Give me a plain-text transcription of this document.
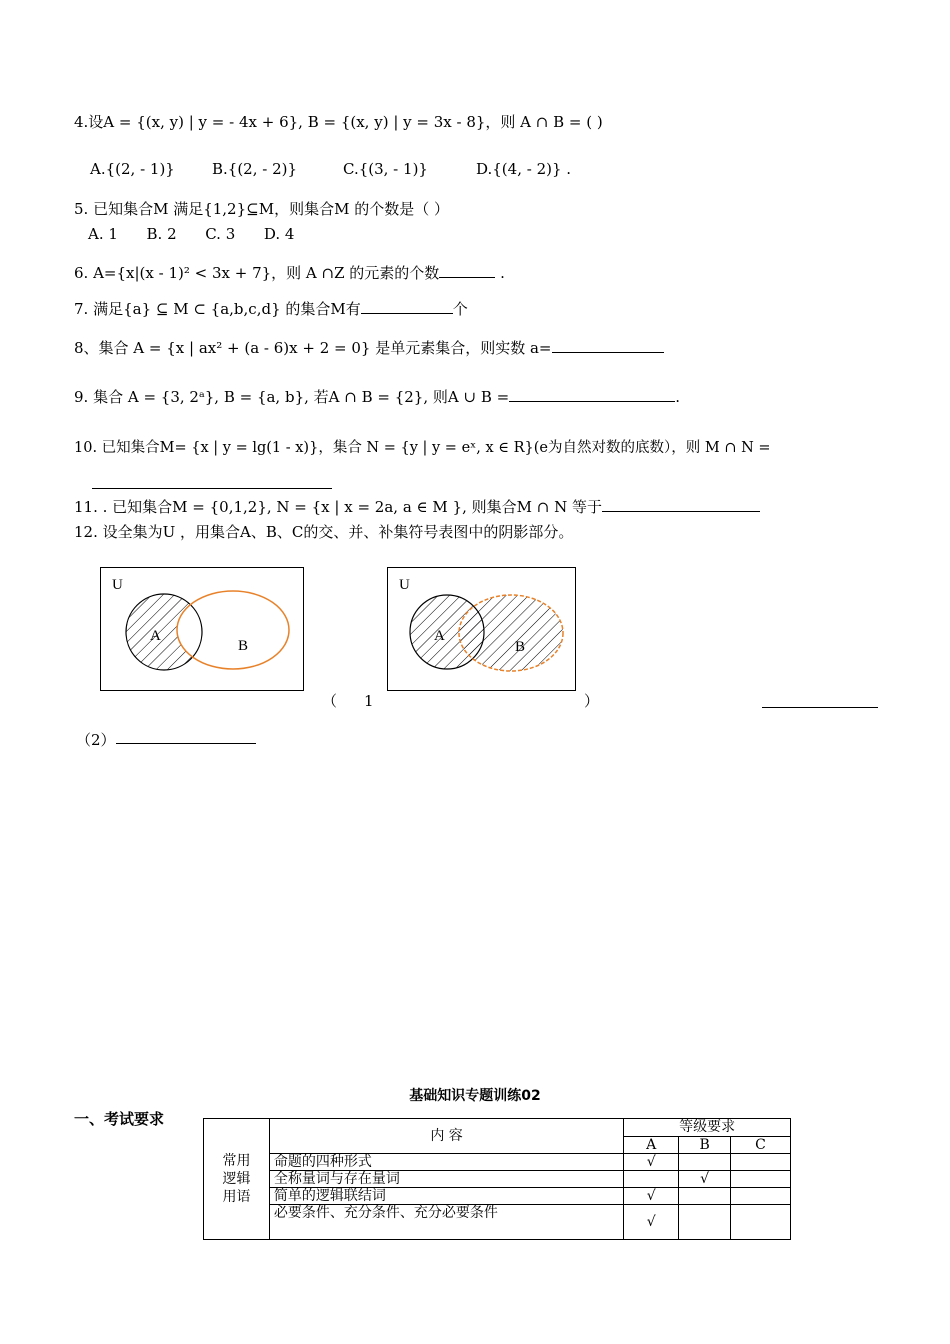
4.设A = {(x, y) | y = - 4x + 6}, B = {(x, y) | y = 3x - 8}，则 A ∩ B = ( )
A.{(2, - 1)} B.{(2, - 2)}	C.{(3, - 1)}	D.{(4, - 2)} .
5. 已知集合M 满足{1,2}⊆M，则集合M 的个数是（ ）
A. 1      B. 2      C. 3      D. 4
6. A={x|(x - 1)² < 3x + 7}，则 A ∩Z 的元素的个数	.
7. 满足{a} ⊆ M ⊂ {a,b,c,d} 的集合M有	个
8、集合 A = {x | ax² + (a - 6)x + 2 = 0} 是单元素集合，则实数 a=
9. 集合 A = {3, 2ᵃ}, B = {a, b}, 若A ∩ B = {2}, 则A ∪ B =	.
10. 已知集合M= {x | y = lg(1 - x)}，集合 N = {y | y = eˣ, x ∈ R}(e为自然对数的底数），则 M ∩ N =
11. . 已知集合M = {0,1,2}, N = {x | x = 2a, a ∈ M }, 则集合M ∩ N 等于
12. 设全集为U ，用集合A、B、C的交、并、补集符号表图中的阴影部分。
U
A
B
U
A
B
（ 1	）
（2）
基础知识专题训练02
一、考试要求
常用
逻辑
用语	内 容	等级要求		
		A	B	C
	命题的四种形式	√		
	全称量词与存在量词		√	
	简单的逻辑联结词	√		
	必要条件、充分条件、充分必要条件	√		
